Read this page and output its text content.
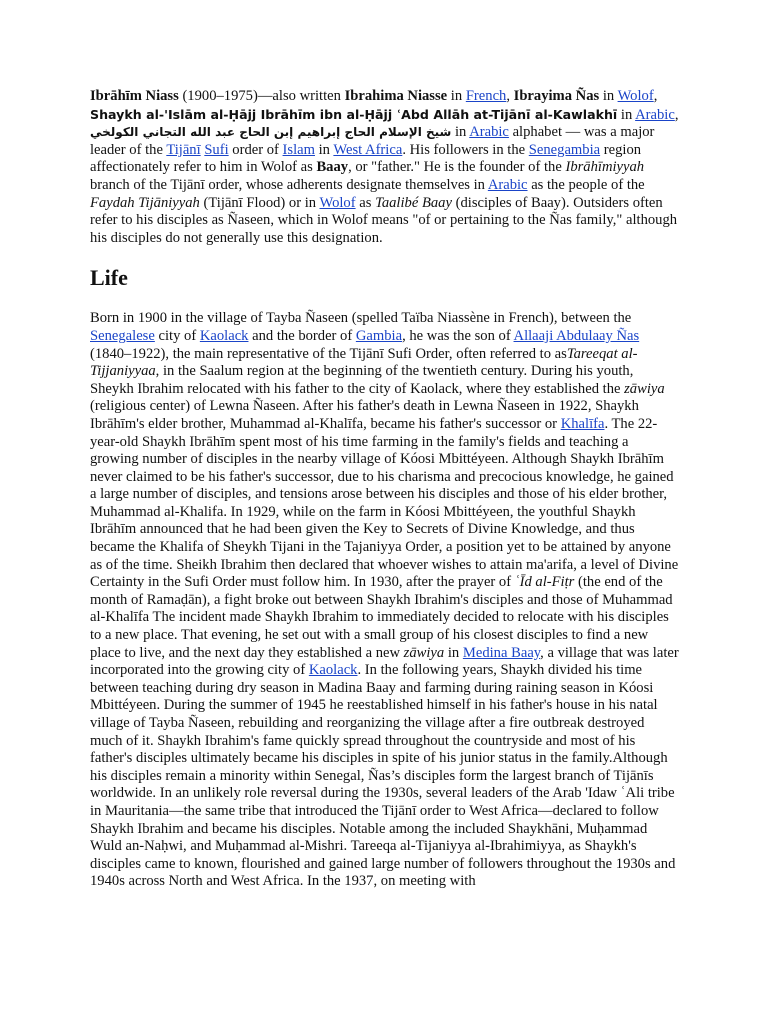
Ibrāhīm Niass (1900–1975)—also written Ibrahima Niasse in French, Ibrayima Ñas in Wolof, Shaykh al-'Islām al-Ḥājj Ibrāhīm ibn al-Ḥājj ʿAbd Allāh at-Tijānī al-Kawlakhī in Arabic, شيخ الإسلام الحاج إبراهيم إبن الحاج عبد الله التجاني الكولخي in Arabic alphabet — was a major leader of the Tijānī Sufi order of Islam in West Africa. His followers in the Senegambia region affectionately refer to him in Wolof as Baay, or "father." He is the founder of the Ibrāhīmiyyah branch of the Tijānī order, whose adherents designate themselves in Arabic as the people of the Faydah Tijāniyyah (Tijānī Flood) or in Wolof as Taalibé Baay (disciples of Baay). Outsiders often refer to his disciples as Ñaseen, which in Wolof means "of or pertaining to the Ñas family," although his disciples do not generally use this designation.

Life

Born in 1900 in the village of Tayba Ñaseen (spelled Taïba Niassène in French), between the Senegalese city of Kaolack and the border of Gambia, he was the son of Allaaji Abdulaay Ñas (1840–1922), the main representative of the Tijānī Sufi Order, often referred to asTareeqat al-Tijjaniyyaa, in the Saalum region at the beginning of the twentieth century. During his youth, Sheykh Ibrahim relocated with his father to the city of Kaolack, where they established the zāwiya (religious center) of Lewna Ñaseen. After his father's death in Lewna Ñaseen in 1922, Shaykh Ibrāhīm's elder brother, Muhammad al-Khalīfa, became his father's successor or Khalīfa. The 22-year-old Shaykh Ibrāhīm spent most of his time farming in the family's fields and teaching a growing number of disciples in the nearby village of Kóosi Mbittéyeen. Although Shaykh Ibrāhīm never claimed to be his father's successor, due to his charisma and precocious knowledge, he gained a large number of disciples, and tensions arose between his disciples and those of his elder brother, Muhammad al-Khalifa. In 1929, while on the farm in Kóosi Mbittéyeen, the youthful Shaykh Ibrāhīm announced that he had been given the Key to Secrets of Divine Knowledge, and thus became the Khalifa of Sheykh Tijani in the Tajaniyya Order, a position yet to be attained by anyone as of the time. Sheikh Ibrahim then declared that whoever wishes to attain ma'arifa, a level of Divine Certainty in the Sufi Order must follow him. In 1930, after the prayer of ʿĪd al-Fiṭr (the end of the month of Ramaḍān), a fight broke out between Shaykh Ibrahim's disciples and those of Muhammad al-Khalīfa The incident made Shaykh Ibrahim to immediately decided to relocate with his disciples to a new place. That evening, he set out with a small group of his closest disciples to find a new place to live, and the next day they established a new zāwiya in Medina Baay, a village that was later incorporated into the growing city of Kaolack. In the following years, Shaykh divided his time between teaching during dry season in Madina Baay and farming during raining season in Kóosi Mbittéyeen. During the summer of 1945 he reestablished himself in his father's house in his natal village of Tayba Ñaseen, rebuilding and reorganizing the village after a fire outbreak destroyed much of it. Shaykh Ibrahim's fame quickly spread throughout the countryside and most of his father's disciples ultimately became his disciples in spite of his junior status in the family.Although his disciples remain a minority within Senegal, Ñas’s disciples form the largest branch of Tijānīs worldwide. In an unlikely role reversal during the 1930s, several leaders of the Arab 'Idaw ʿAli tribe in Mauritania—the same tribe that introduced the Tijānī order to West Africa—declared to follow Shaykh Ibrahim and became his disciples. Notable among the included Shaykhāni, Muḥammad Wuld an-Naḥwi, and Muḥammad al-Mishri. Tareeqa al-Tijaniyya al-Ibrahimiyya, as Shaykh's disciples came to known, flourished and gained large number of followers throughout the 1930s and 1940s across North and West Africa. In the 1937, on meeting with
